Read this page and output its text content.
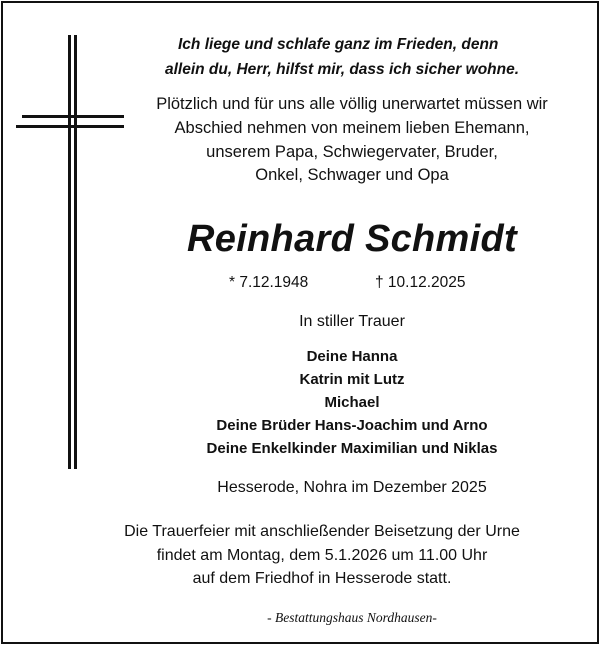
Ich liege und schlafe ganz im Frieden, denn
allein du, Herr, hilfst mir, dass ich sicher wohne.
Plötzlich und für uns alle völlig unerwartet müssen wir
Abschied nehmen von meinem lieben Ehemann,
unserem Papa, Schwiegervater, Bruder,
Onkel, Schwager und Opa
Reinhard Schmidt
* 7.12.1948	† 10.12.2025
In stiller Trauer
Deine Hanna
Katrin mit Lutz
Michael
Deine Brüder Hans-Joachim und Arno
Deine Enkelkinder Maximilian und Niklas
Hesserode, Nohra im Dezember 2025
Die Trauerfeier mit anschließender Beisetzung der Urne
findet am Montag, dem 5.1.2026 um 11.00 Uhr
auf dem Friedhof in Hesserode statt.
- Bestattungshaus Nordhausen-
